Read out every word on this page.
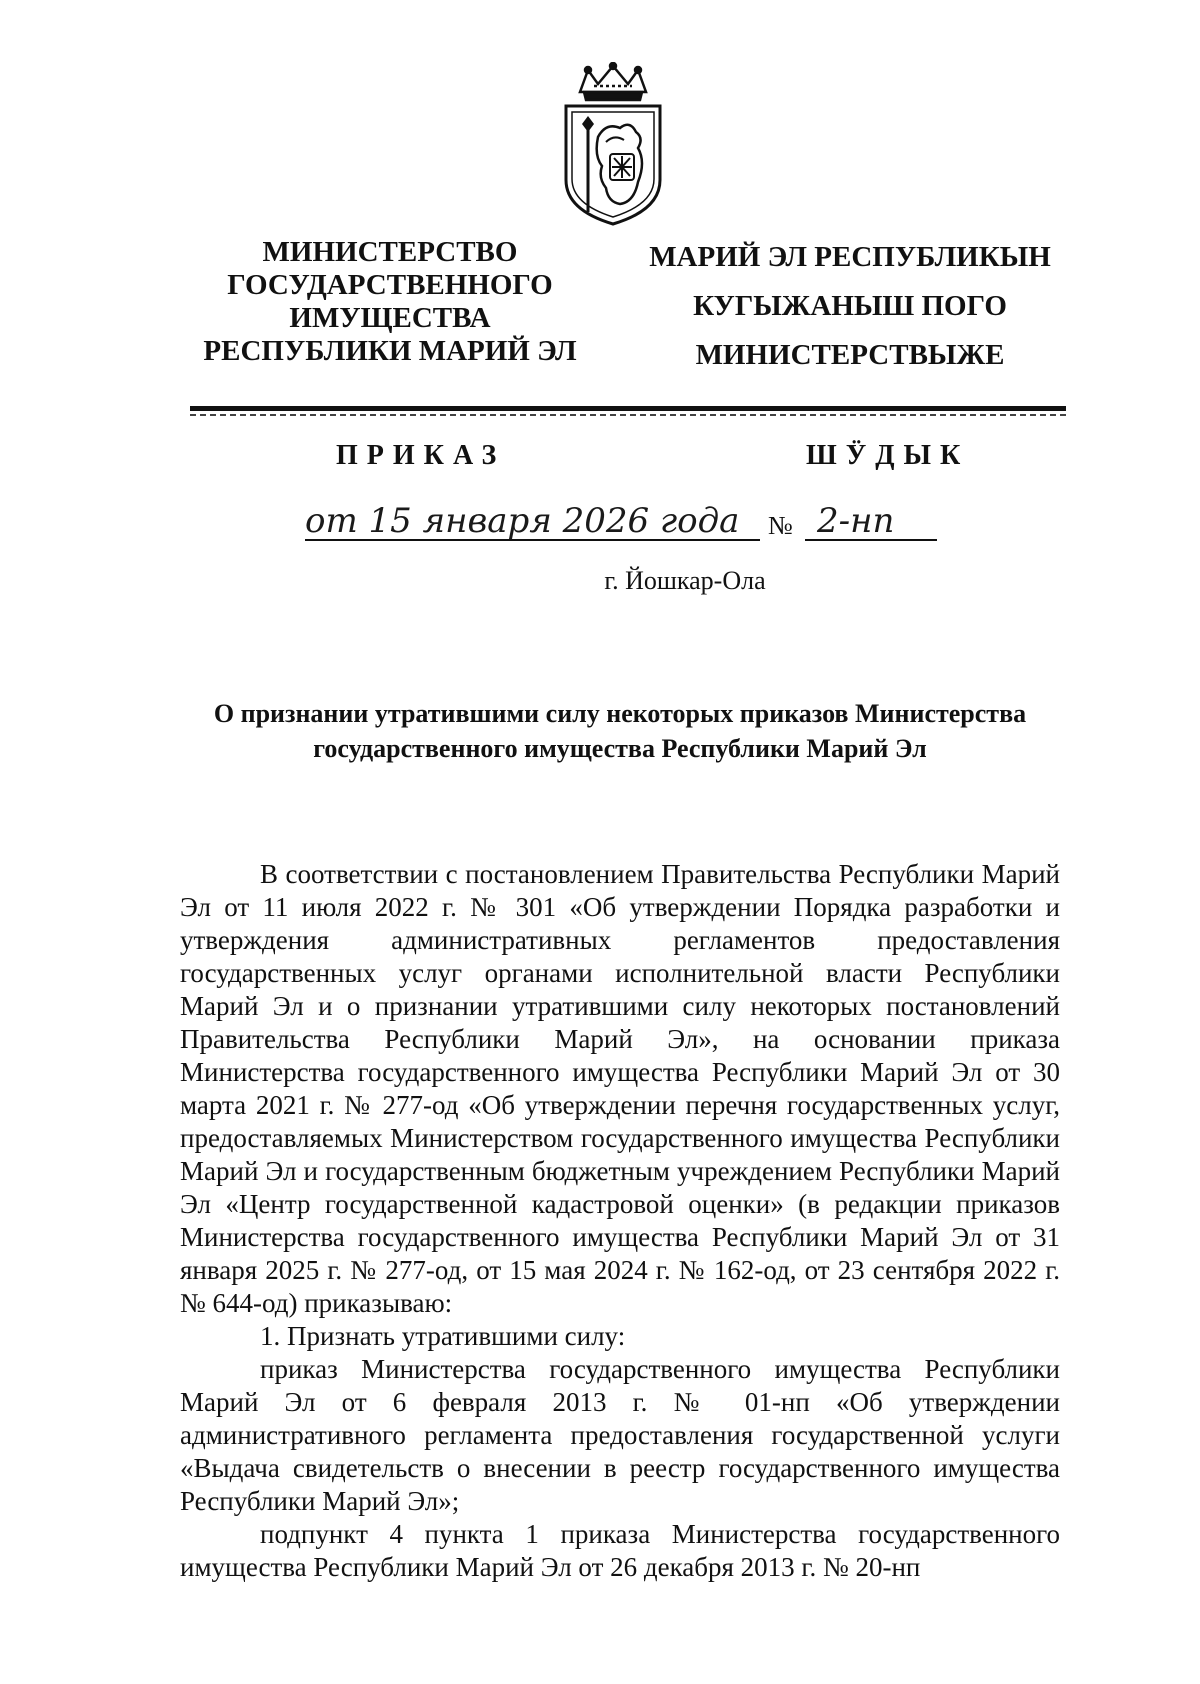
МИНИСТЕРСТВО
ГОСУДАРСТВЕННОГО
ИМУЩЕСТВА
РЕСПУБЛИКИ МАРИЙ ЭЛ
МАРИЙ ЭЛ РЕСПУБЛИКЫН
КУГЫЖАНЫШ ПОГО
МИНИСТЕРСТВЫЖЕ
ПРИКАЗ	ШӰДЫК
от 15 января 2026 года № 2-нп
г. Йошкар-Ола
О признании утратившими силу некоторых приказов Министерства
государственного имущества Республики Марий Эл

В соответствии с постановлением Правительства Республики Марий Эл от 11 июля 2022 г. № 301 «Об утверждении Порядка разработки и утверждения административных регламентов предоставления государственных услуг органами исполнительной власти Республики Марий Эл и о признании утратившими силу некоторых постановлений Правительства Республики Марий Эл», на основании приказа Министерства государственного имущества Республики Марий Эл от 30 марта 2021 г. № 277-од «Об утверждении перечня государственных услуг, предоставляемых Министерством государственного имущества Республики Марий Эл и государственным бюджетным учреждением Республики Марий Эл «Центр государственной кадастровой оценки» (в редакции приказов Министерства государственного имущества Республики Марий Эл от 31 января 2025 г. № 277-од, от 15 мая 2024 г. № 162-од, от 23 сентября 2022 г. № 644-од) приказываю:

1. Признать утратившими силу:

приказ Министерства государственного имущества Республики Марий Эл от 6 февраля 2013 г. № 01-нп «Об утверждении административного регламента предоставления государственной услуги «Выдача свидетельств о внесении в реестр государственного имущества Республики Марий Эл»;

подпункт 4 пункта 1 приказа Министерства государственного имущества Республики Марий Эл от 26 декабря 2013 г. № 20-нп
